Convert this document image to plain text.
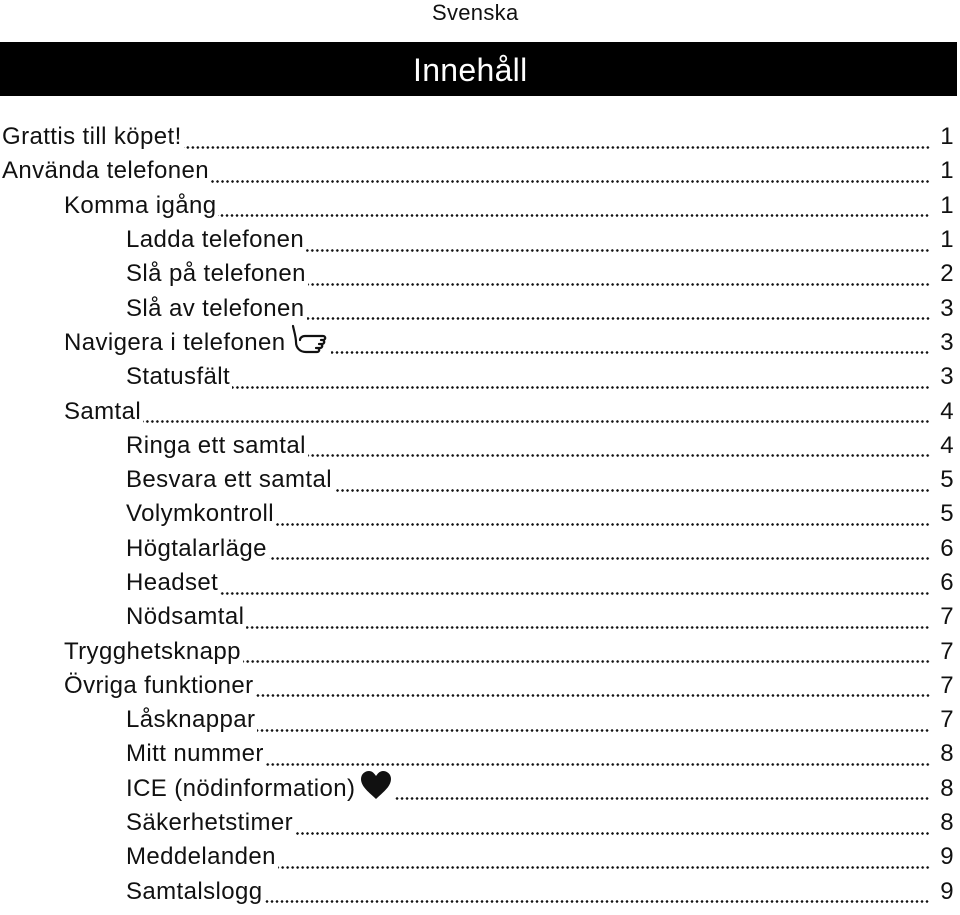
Svenska
Innehåll
Grattis till köpet!	1
Använda telefonen	1
Komma igång	1
Ladda telefonen	1
Slå på telefonen	2
Slå av telefonen	3
Navigera i telefonen	3
Statusfält	3
Samtal	4
Ringa ett samtal	4
Besvara ett samtal	5
Volymkontroll	5
Högtalarläge	6
Headset	6
Nödsamtal	7
Trygghetsknapp	7
Övriga funktioner	7
Låsknappar	7
Mitt nummer	8
ICE (nödinformation)	8
Säkerhetstimer	8
Meddelanden	9
Samtalslogg	9
